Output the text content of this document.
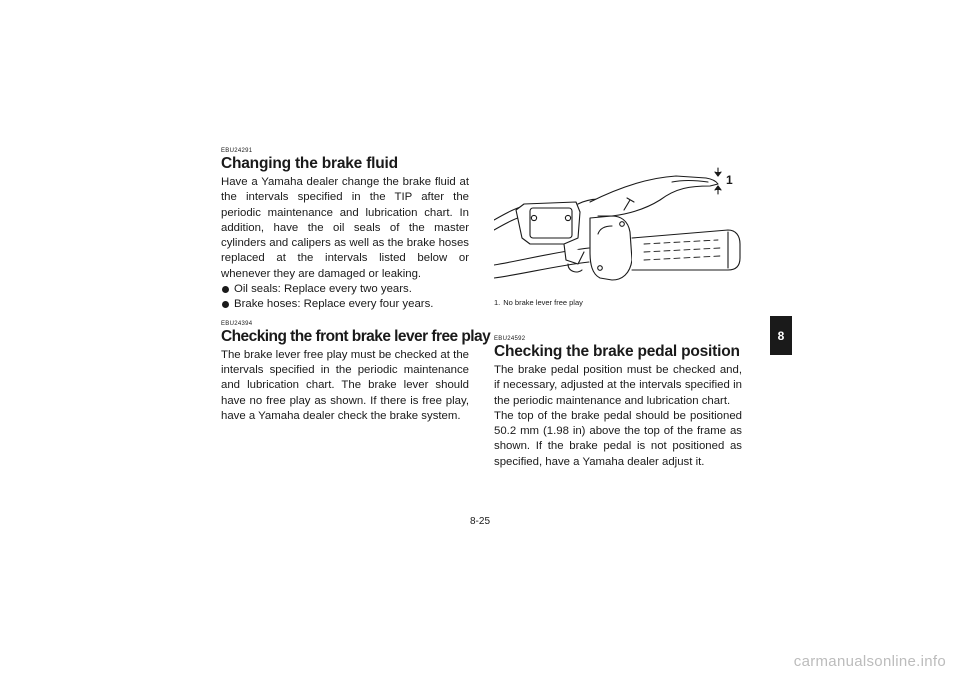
EBU24291
Changing the brake fluid

Have a Yamaha dealer change the brake fluid at the intervals specified in the TIP after the periodic maintenance and lubrication chart. In addition, have the oil seals of the master cylinders and calipers as well as the brake hoses replaced at the intervals listed below or whenever they are damaged or leaking.

Oil seals: Replace every two years.
Brake hoses: Replace every four years.
EBU24394
Checking the front brake lever free play

The brake lever free play must be checked at the intervals specified in the periodic maintenance and lubrication chart. The brake lever should have no free play as shown. If there is free play, have a Yamaha dealer check the brake system.

1
1. No brake lever free play
EBU24592
Checking the brake pedal position

The brake pedal position must be checked and, if necessary, adjusted at the intervals specified in the periodic maintenance and lubrication chart.

The top of the brake pedal should be positioned 50.2 mm (1.98 in) above the top of the frame as shown. If the brake pedal is not positioned as specified, have a Yamaha dealer adjust it.

8
8-25
carmanualsonline.info
